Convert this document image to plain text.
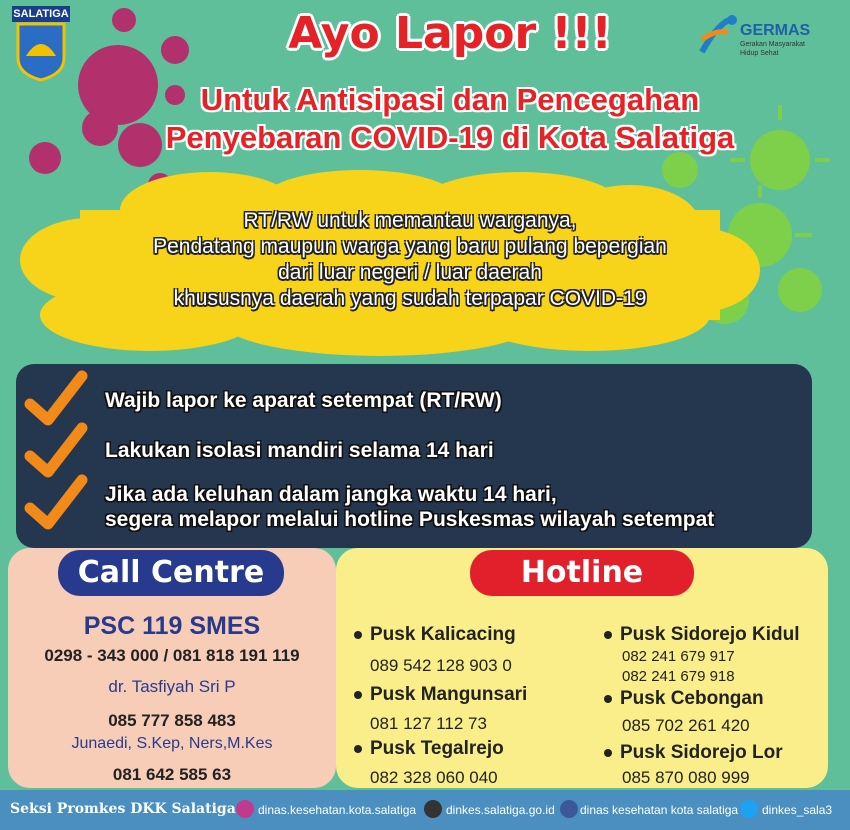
SALATIGA
GERMAS
Gerakan Masyarakat
Hidup Sehat
Ayo Lapor !!!
Untuk Antisipasi dan Pencegahan
Penyebaran COVID-19 di Kota Salatiga
RT/RW untuk memantau warganya,
Pendatang maupun warga yang baru pulang bepergian
dari luar negeri / luar daerah
khususnya daerah yang sudah terpapar COVID-19
Wajib lapor ke aparat setempat (RT/RW)
Lakukan isolasi mandiri selama 14 hari
Jika ada keluhan dalam jangka waktu 14 hari,
segera melapor melalui hotline Puskesmas wilayah setempat
Call Centre	Hotline
PSC 119 SMES
0298 - 343 000 / 081 818 191 119
dr. Tasfiyah Sri P
085 777 858 483
Junaedi, S.Kep, Ners,M.Kes
081 642 585 63
Pusk Kalicacing
089 542 128 903 0
Pusk Mangunsari
081 127 112 73
Pusk Tegalrejo
082 328 060 040
Pusk Sidorejo Kidul
082 241 679 917
082 241 679 918
Pusk Cebongan
085 702 261 420
Pusk Sidorejo Lor
085 870 080 999
Seksi Promkes DKK Salatiga dinas.kesehatan.kota.salatiga dinkes.salatiga.go.id dinas kesehatan kota salatiga dinkes_sala3
